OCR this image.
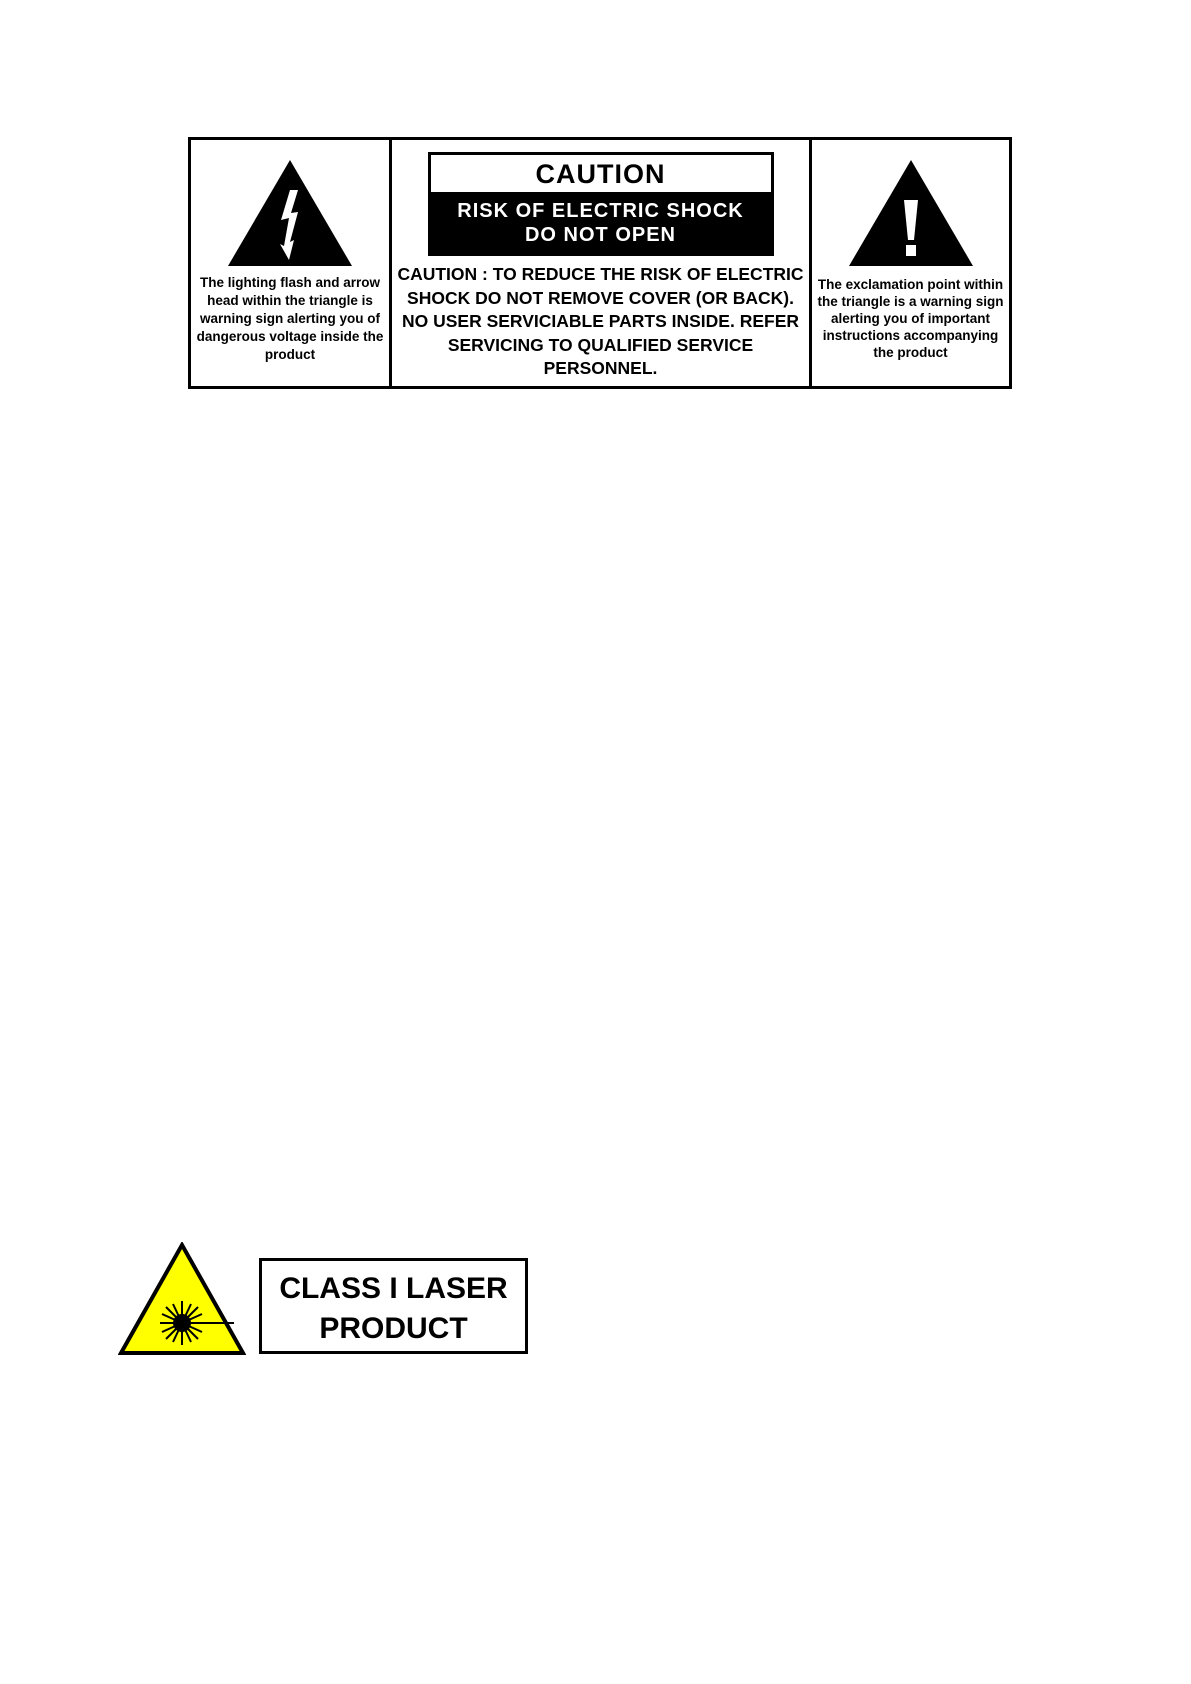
The lighting flash and arrow head within the triangle is warning sign alerting you of dangerous voltage inside the product
CAUTION
RISK OF ELECTRIC SHOCK
DO NOT OPEN
CAUTION : TO REDUCE THE RISK OF ELECTRIC SHOCK DO NOT REMOVE COVER (OR BACK). NO USER SERVICIABLE PARTS INSIDE. REFER SERVICING TO QUALIFIED SERVICE PERSONNEL.
The exclamation point within the triangle is a warning sign alerting you of important instructions accompanying the product
CLASS I LASER
PRODUCT
